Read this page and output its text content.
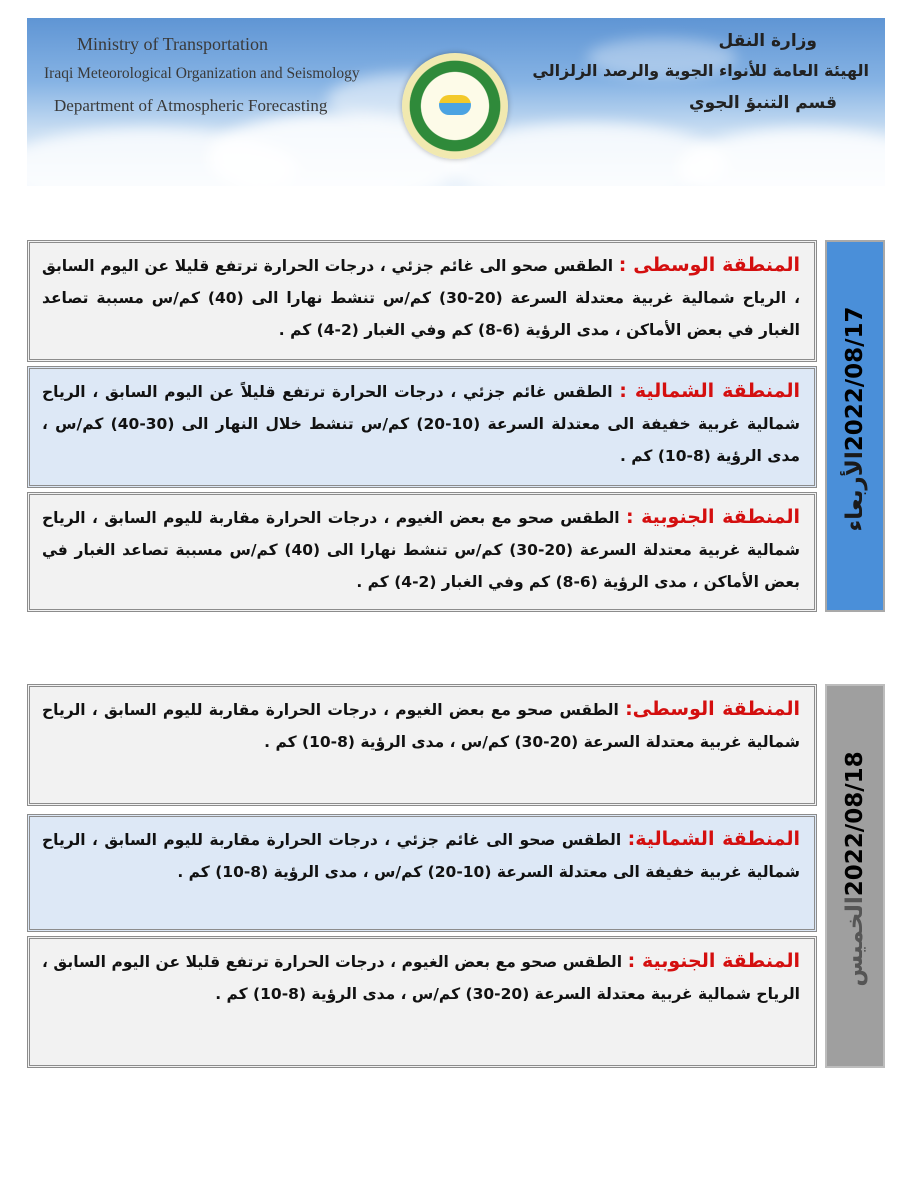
Ministry of Transportation
Iraqi Meteorological Organization and Seismology
Department of Atmospheric Forecasting
وزارة النقل
الهيئة العامة للأنواء الجوية والرصد الزلزالي
قسم التنبؤ الجوي
2022/08/17الأربعاء
المنطقة الوسطى : الطقس صحو الى غائم جزئي ، درجات الحرارة ترتفع قليلا عن اليوم السابق ، الرياح شمالية غربية معتدلة السرعة (20-30) كم/س تنشط نهارا الى (40) كم/س مسببة تصاعد الغبار في بعض الأماكن ، مدى الرؤية (6-8) كم وفي الغبار (2-4) كم .
المنطقة الشمالية : الطقس غائم جزئي ، درجات الحرارة ترتفع قليلاً عن اليوم السابق ، الرياح شمالية غربية خفيفة الى معتدلة السرعة (10-20) كم/س تنشط خلال النهار الى (30-40) كم/س ، مدى الرؤية (8-10) كم .
المنطقة الجنوبية : الطقس صحو مع بعض الغيوم ، درجات الحرارة مقاربة لليوم السابق ، الرياح شمالية غربية معتدلة السرعة (20-30) كم/س تنشط نهارا الى (40) كم/س مسببة تصاعد الغبار في بعض الأماكن ، مدى الرؤية (6-8) كم وفي الغبار (2-4) كم .
2022/08/18الخميس
المنطقة الوسطى: الطقس صحو مع بعض الغيوم ، درجات الحرارة مقاربة لليوم السابق ، الرياح شمالية غربية معتدلة السرعة (20-30) كم/س ، مدى الرؤية (8-10) كم .
المنطقة الشمالية: الطقس صحو الى غائم جزئي ، درجات الحرارة مقاربة لليوم السابق ، الرياح شمالية غربية خفيفة الى معتدلة السرعة (10-20) كم/س ، مدى الرؤية (8-10) كم .
المنطقة الجنوبية : الطقس صحو مع بعض الغيوم ، درجات الحرارة ترتفع قليلا عن اليوم السابق ، الرياح شمالية غربية معتدلة السرعة (20-30) كم/س ، مدى الرؤية (8-10) كم .
